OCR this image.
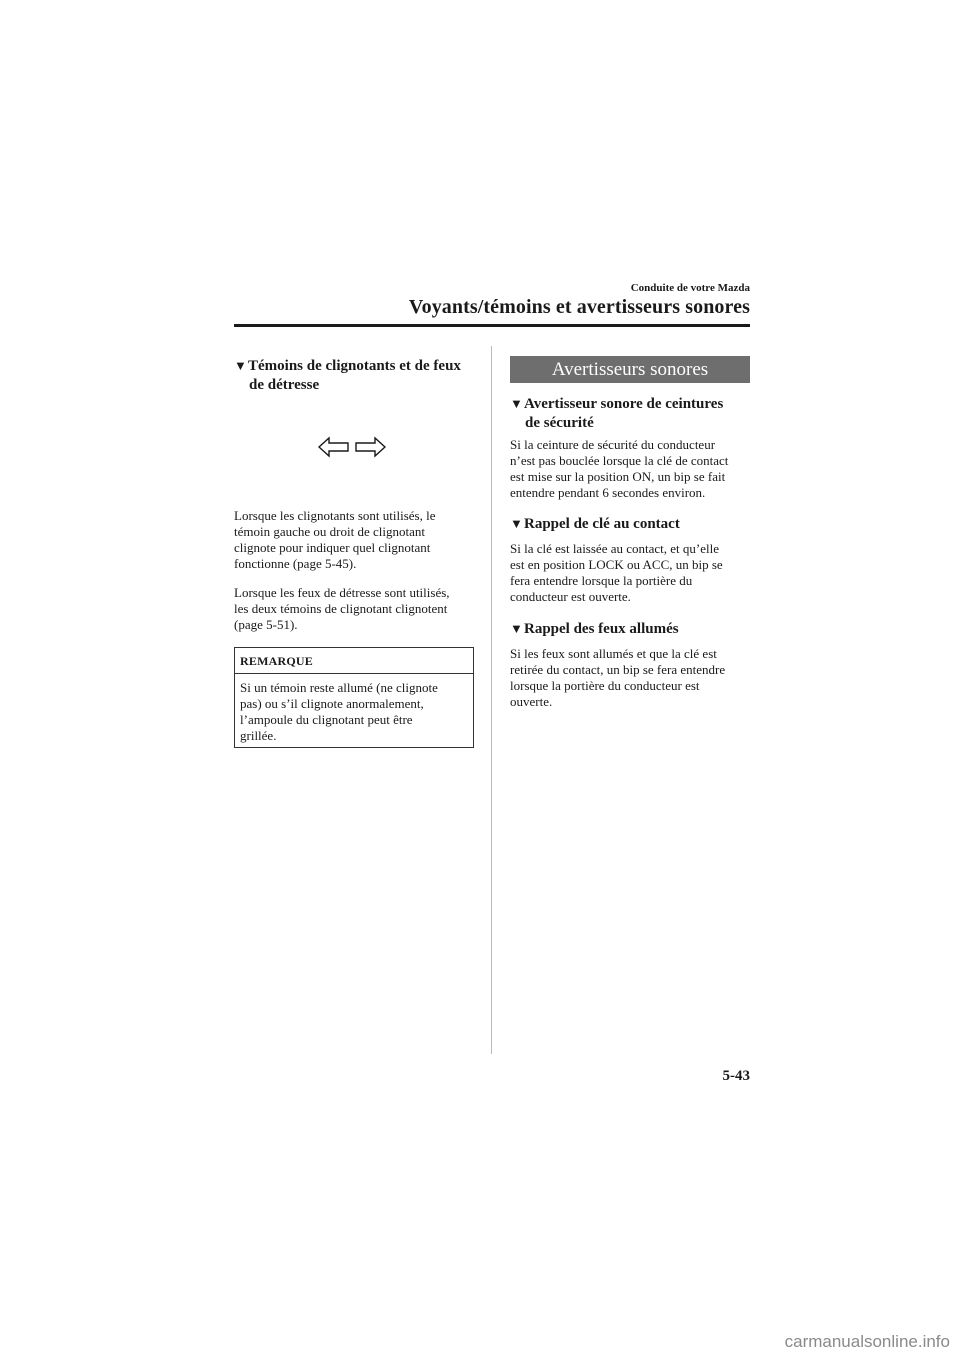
Conduite de votre Mazda
Voyants/témoins et avertisseurs sonores
▼Témoins de clignotants et de feux
de détresse
Lorsque les clignotants sont utilisés, le
témoin gauche ou droit de clignotant
clignote pour indiquer quel clignotant
fonctionne (page 5-45).
Lorsque les feux de détresse sont utilisés,
les deux témoins de clignotant clignotent
(page 5-51).
REMARQUE
Si un témoin reste allumé (ne clignote
pas) ou s’il clignote anormalement,
l’ampoule du clignotant peut être
grillée.
Avertisseurs sonores
▼Avertisseur sonore de ceintures
de sécurité
Si la ceinture de sécurité du conducteur
n’est pas bouclée lorsque la clé de contact
est mise sur la position ON, un bip se fait
entendre pendant 6 secondes environ.
▼Rappel de clé au contact
Si la clé est laissée au contact, et qu’elle
est en position LOCK ou ACC, un bip se
fera entendre lorsque la portière du
conducteur est ouverte.
▼Rappel des feux allumés
Si les feux sont allumés et que la clé est
retirée du contact, un bip se fera entendre
lorsque la portière du conducteur est
ouverte.
5-43
carmanualsonline.info
